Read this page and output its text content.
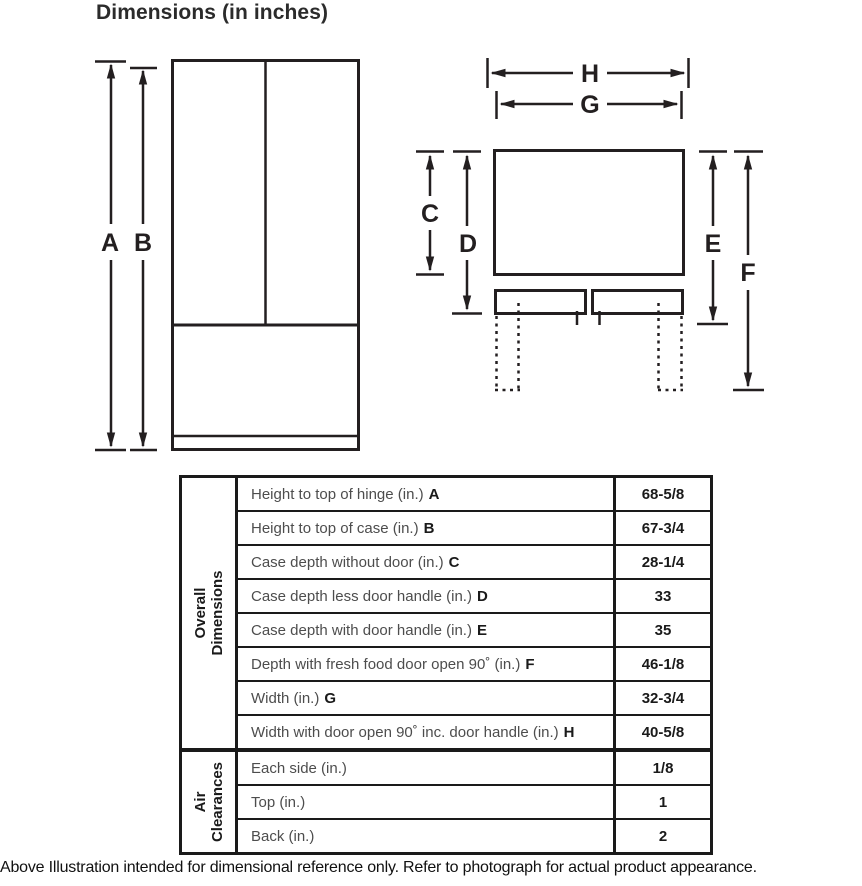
Dimensions (in inches)
A B
H
G
C
D	E
F
Overall Dimensions	Height to top of hinge (in.) A	68-5/8
	Height to top of case (in.) B	67-3/4
	Case depth without door (in.) C	28-1/4
	Case depth less door handle (in.) D	33
	Case depth with door handle (in.) E	35
	Depth with fresh food door open 90˚ (in.) F	46-1/8
	Width (in.) G	32-3/4
	Width with door open 90˚ inc. door handle (in.) H	40-5/8

Air Clearances	Each side (in.)	1/8
	Top (in.)	1
	Back (in.)	2
Above Illustration intended for dimensional reference only. Refer to photograph for actual product appearance.
